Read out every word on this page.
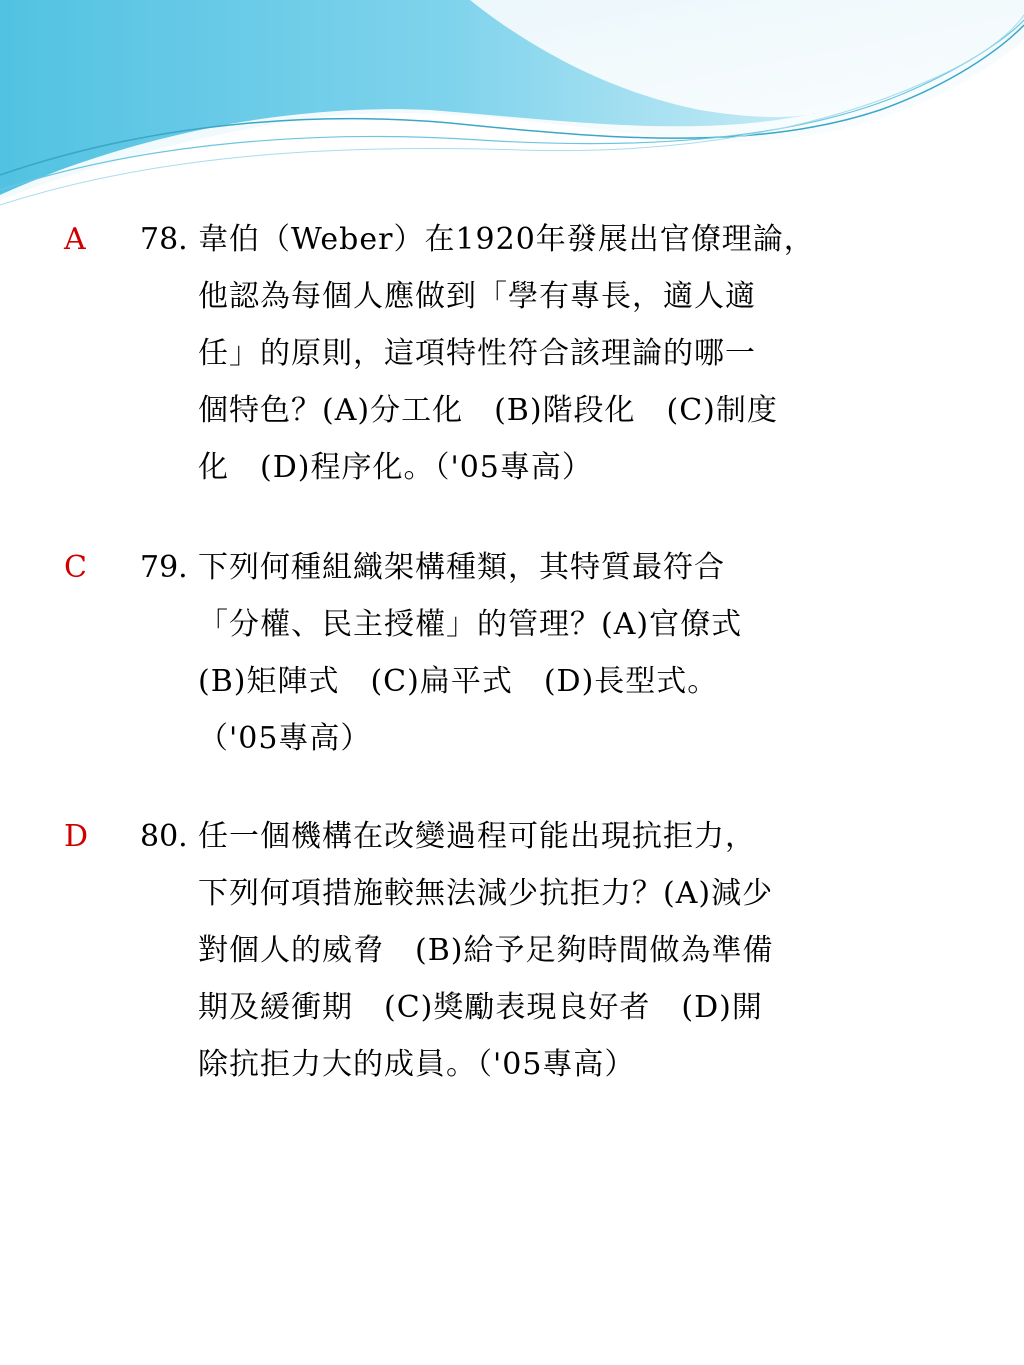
A 78. 韋伯（Weber）在1920年發展出官僚理論，
他認為每個人應做到「學有專長，適人適
任」的原則，這項特性符合該理論的哪一
個特色？(A)分工化　(B)階段化　(C)制度
化　(D)程序化。（'05專高）
C 79. 下列何種組織架構種類，其特質最符合
「分權、民主授權」的管理？(A)官僚式
(B)矩陣式　(C)扁平式　(D)長型式。
（'05專高）
D 80. 任一個機構在改變過程可能出現抗拒力，
下列何項措施較無法減少抗拒力？(A)減少
對個人的威脅　(B)給予足夠時間做為準備
期及緩衝期　(C)獎勵表現良好者　(D)開
除抗拒力大的成員。（'05專高）
